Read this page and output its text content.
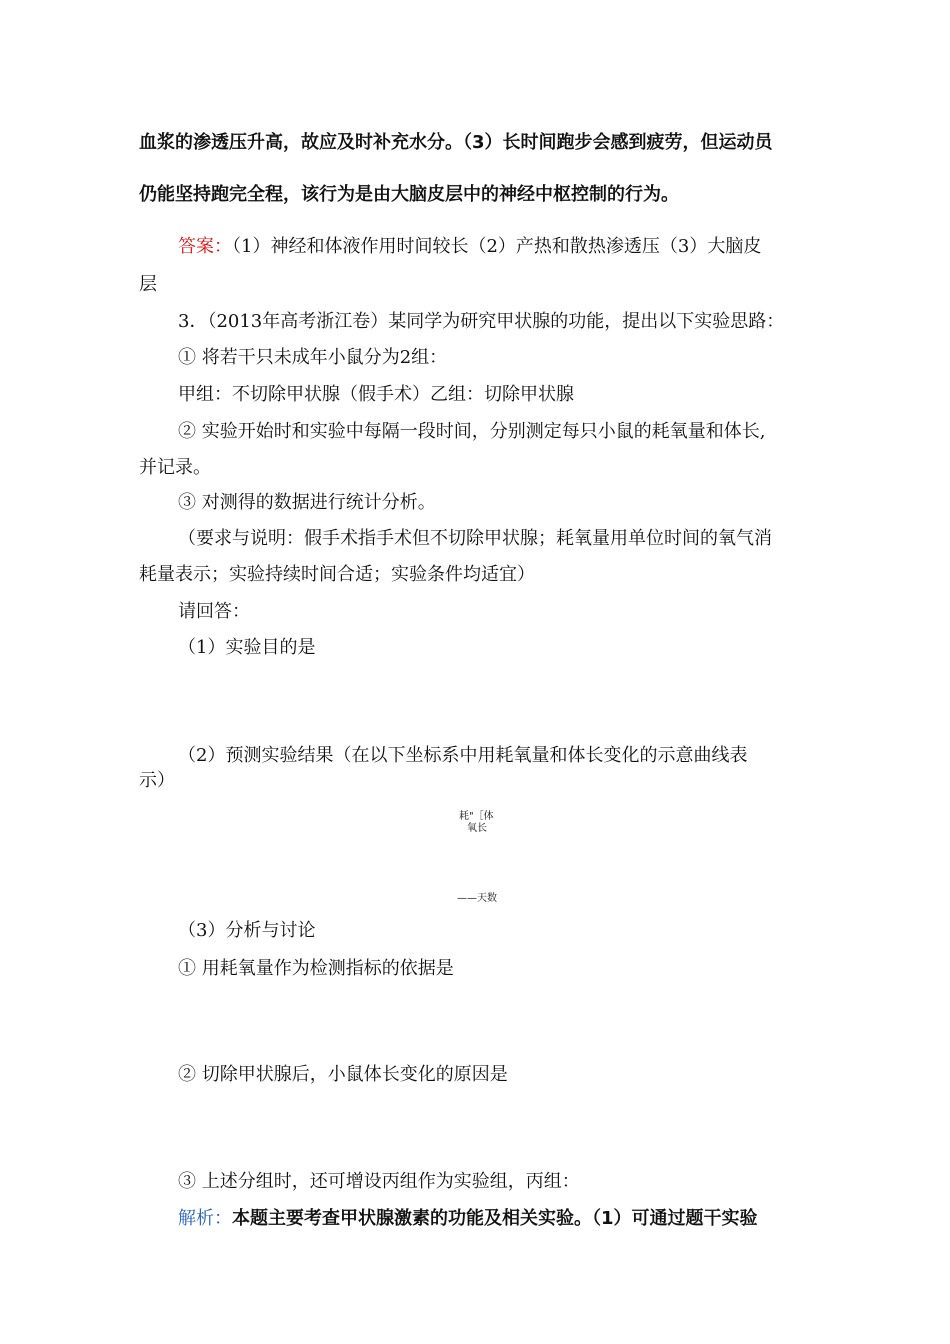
血浆的渗透压升高，故应及时补充水分。（3）长时间跑步会感到疲劳，但运动员
仍能坚持跑完全程，该行为是由大脑皮层中的神经中枢控制的行为。
答案：（1）神经和体液作用时间较长（2）产热和散热渗透压（3）大脑皮
层
3．（2013年高考浙江卷）某同学为研究甲状腺的功能，提出以下实验思路：
① 将若干只未成年小鼠分为2组：
甲组：不切除甲状腺（假手术）乙组：切除甲状腺
② 实验开始时和实验中每隔一段时间，分别测定每只小鼠的耗氧量和体长,
并记录。
③ 对测得的数据进行统计分析。
（要求与说明：假手术指手术但不切除甲状腺；耗氧量用单位时间的氧气消
耗量表示；实验持续时间合适；实验条件均适宜）
请回答：
（1）实验目的是
（2）预测实验结果（在以下坐标系中用耗氧量和体长变化的示意曲线表
示）
耗"［体
氧长
——天数
（3）分析与讨论
① 用耗氧量作为检测指标的依据是
② 切除甲状腺后，小鼠体长变化的原因是
③ 上述分组时，还可增设丙组作为实验组，丙组：
解析：本题主要考查甲状腺激素的功能及相关实验。（1）可通过题干实验
